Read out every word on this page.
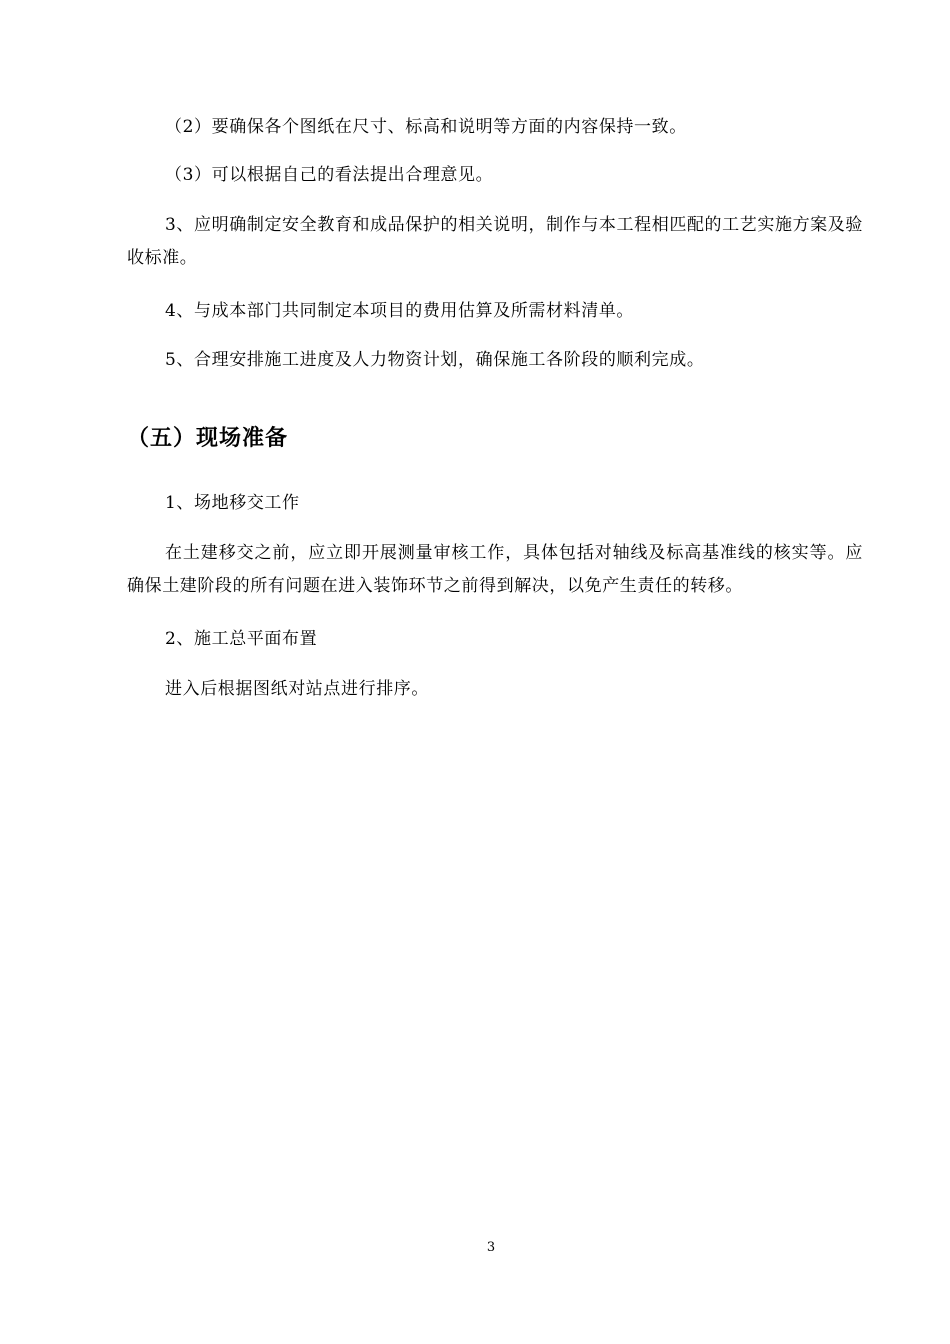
（2）要确保各个图纸在尺寸、标高和说明等方面的内容保持一致。

（3）可以根据自己的看法提出合理意见。

3、应明确制定安全教育和成品保护的相关说明，制作与本工程相匹配的工艺实施方案及验收标准。

4、与成本部门共同制定本项目的费用估算及所需材料清单。

5、合理安排施工进度及人力物资计划，确保施工各阶段的顺利完成。

（五）现场准备

1、场地移交工作

在土建移交之前，应立即开展测量审核工作，具体包括对轴线及标高基准线的核实等。应确保土建阶段的所有问题在进入装饰环节之前得到解决，以免产生责任的转移。

2、施工总平面布置

进入后根据图纸对站点进行排序。

3
